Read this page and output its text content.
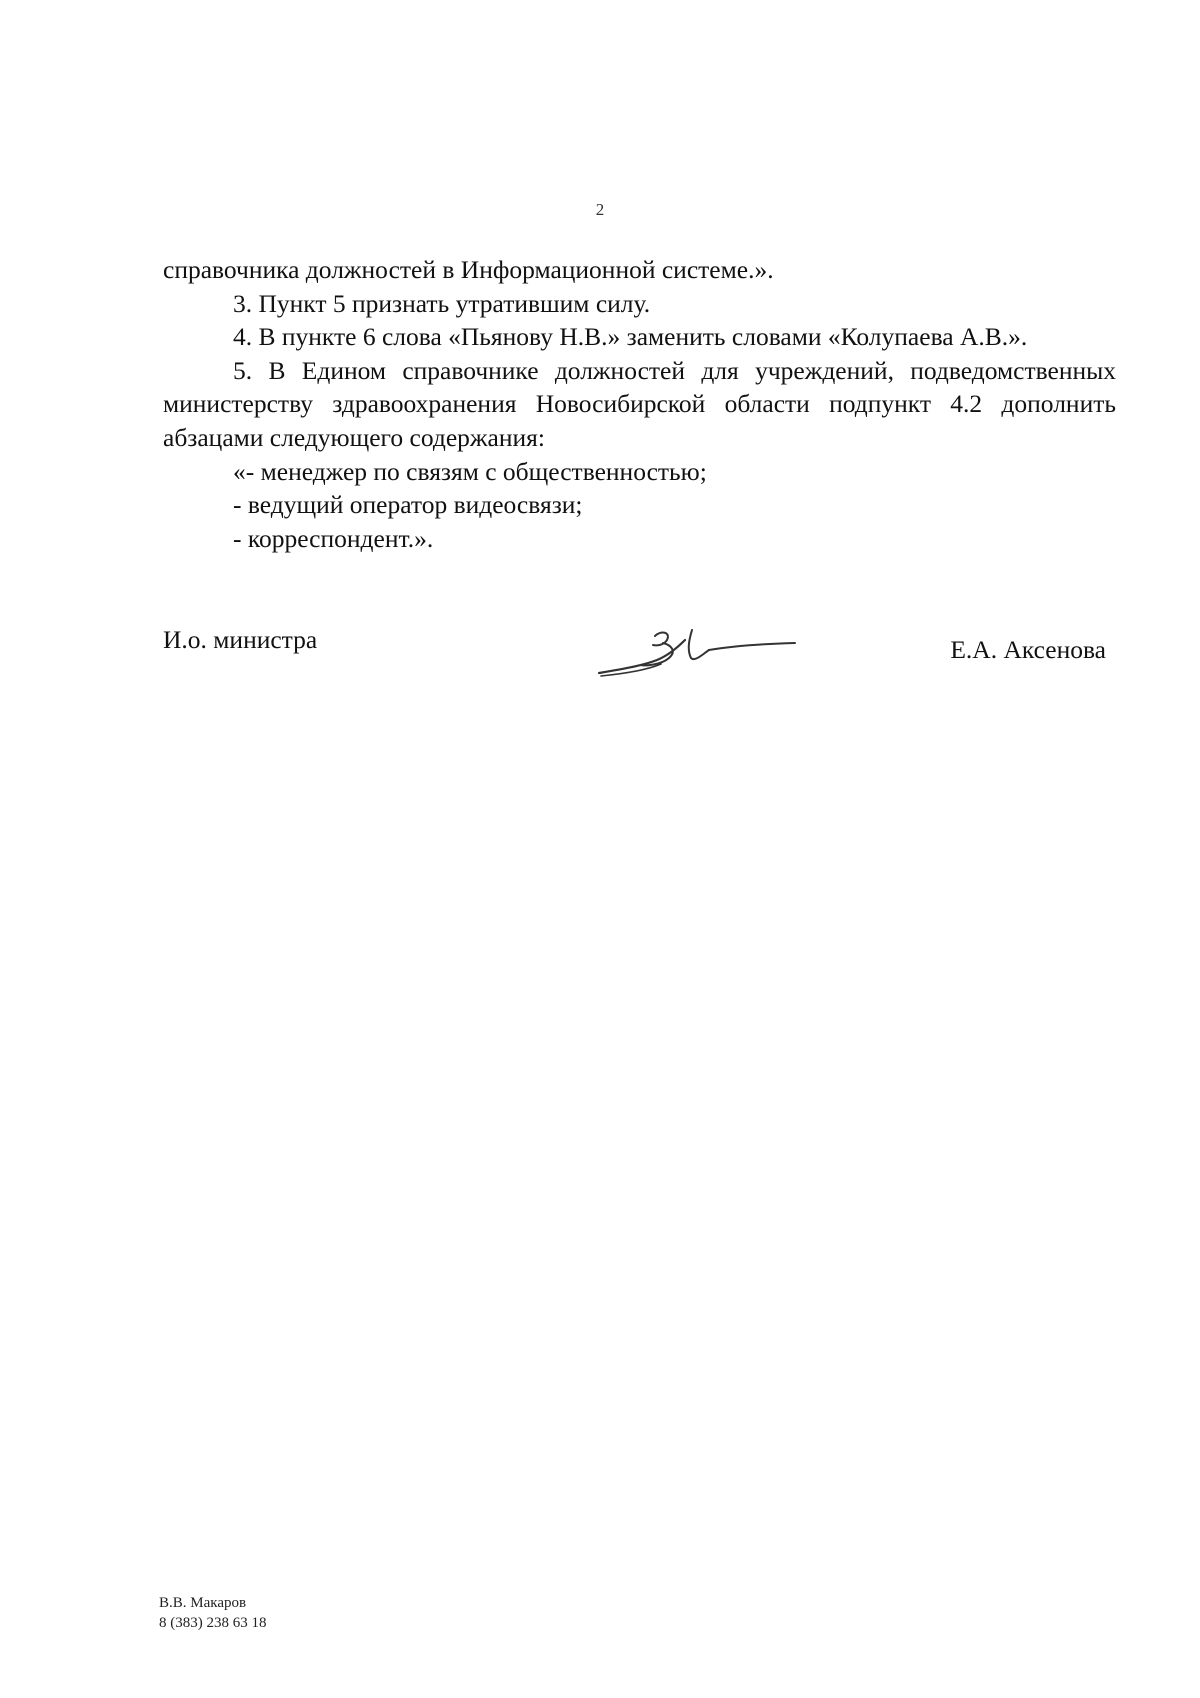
2

справочника должностей в Информационной системе.».

3. Пункт 5 признать утратившим силу.

4. В пункте 6 слова «Пьянову Н.В.» заменить словами «Колупаева А.В.».

5. В Едином справочнике должностей для учреждений, подведомственных министерству здравоохранения Новосибирской области подпункт 4.2 дополнить абзацами следующего содержания:

«- менеджер по связям с общественностью;

- ведущий оператор видеосвязи;

- корреспондент.».

И.о. министра	Е.А. Аксенова
В.В. Макаров
8 (383) 238 63 18
